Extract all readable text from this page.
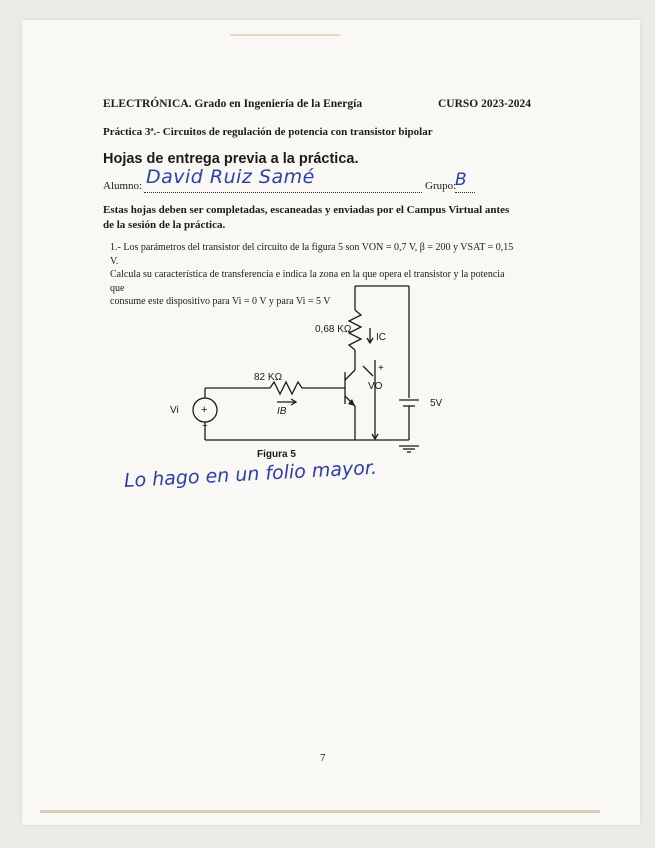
ELECTRÓNICA. Grado en Ingeniería de la Energía	CURSO 2023-2024
Práctica 3ª.- Circuitos de regulación de potencia con transistor bipolar
Hojas de entrega previa a la práctica.
Alumno: David Ruiz Samé	Grupo:
B
Estas hojas deben ser completadas, escaneadas y enviadas por el Campus Virtual antes de la sesión de la práctica.
1.- Los parámetros del transistor del circuito de la figura 5 son VON = 0,7 V, β = 200 y VSAT = 0,15 V.
Calcula su característica de transferencia e indica la zona en la que opera el transistor y la potencia que
consume este dispositivo para Vi = 0 V y para Vi = 5 V
0,68 KΩ
IC
82 KΩ
IB
+
VO
Vi +
−
5V
Figura 5
Lo hago en un folio mayor.
7
